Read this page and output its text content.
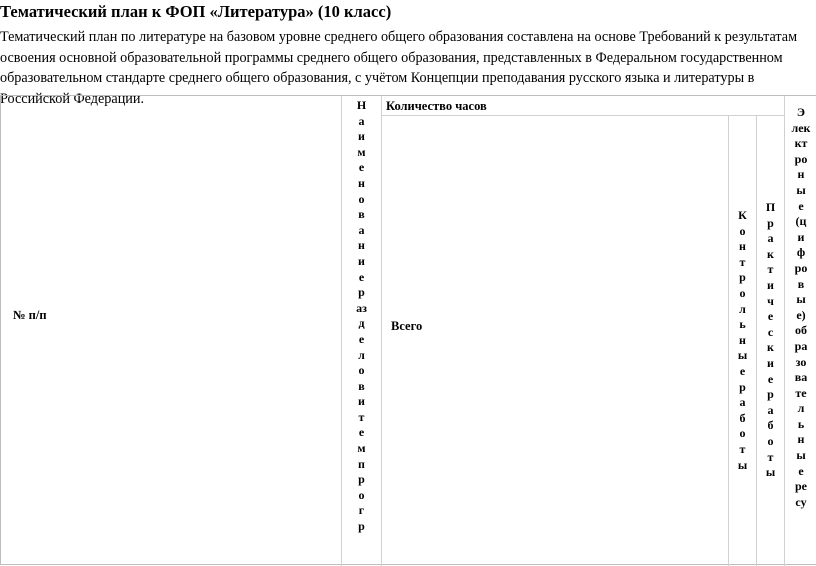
Тематический план к ФОП «Литература» (10 класс)
Тематический план по литературе на базовом уровне среднего общего образования составлена на основе Требований к результатам освоения основной образовательной программы среднего общего образования, представленных в Федеральном государственном образовательном стандарте среднего общего образования, с учётом Концепции преподавания русского языка и литературы в Российской Федерации.
№ п/п
Н
а
и
м
е
н
о
в
а
н
и
е
р
аз
д
е
л
о
в
и
т
е
м
п
р
о
г
р
Количество часов
Всего
К
о
н
т
р
о
л
ь
н
ы
е
р
а
б
о
т
ы
П
р
а
к
т
и
ч
е
с
к
и
е
р
а
б
о
т
ы
Э
лек
кт
ро
н
ы
е
(ц
и
ф
ро
в
ы
е)
об
ра
зо
ва
те
л
ь
н
ы
е
ре
су
